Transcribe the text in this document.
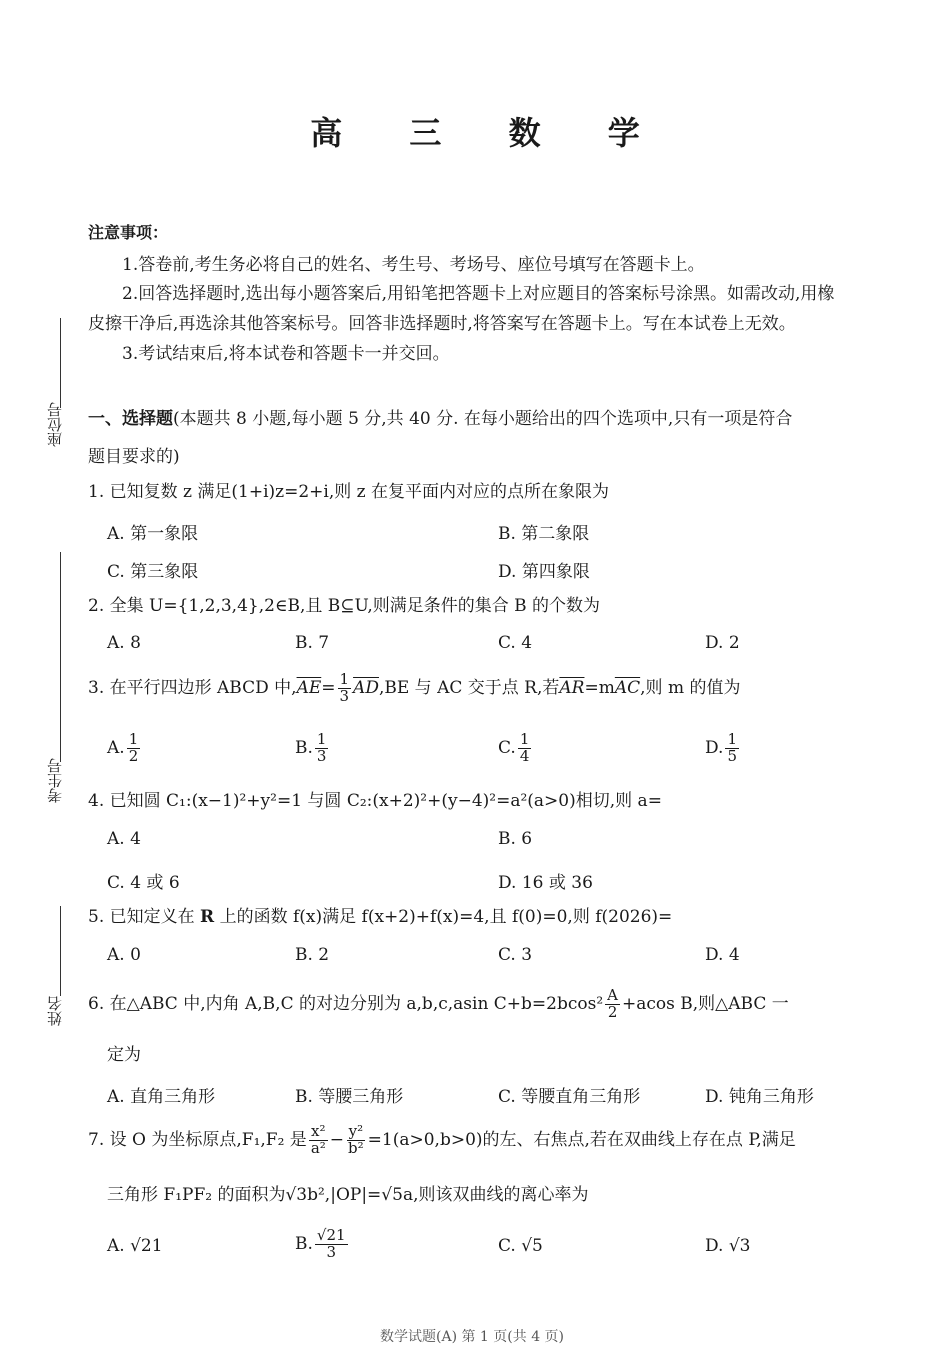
高 三 数 学
注意事项：
1.答卷前,考生务必将自己的姓名、考生号、考场号、座位号填写在答题卡上。
2.回答选择题时,选出每小题答案后,用铅笔把答题卡上对应题目的答案标号涂黑。如需改动,用橡
皮擦干净后,再选涂其他答案标号。回答非选择题时,将答案写在答题卡上。写在本试卷上无效。
3.考试结束后,将本试卷和答题卡一并交回。
座位号
考生号
姓名
一、选择题(本题共 8 小题,每小题 5 分,共 40 分. 在每小题给出的四个选项中,只有一项是符合
题目要求的)
1. 已知复数 z 满足(1+i)z=2+i,则 z 在复平面内对应的点所在象限为
A. 第一象限	B. 第二象限
C. 第三象限	D. 第四象限
2. 全集 U={1,2,3,4},2∈B,且 B⊆U,则满足条件的集合 B 的个数为
A. 8	B. 7	C. 4	D. 2
3. 在平行四边形 ABCD 中, $\overline{AE} = \frac{1}{3} \overline{AD}$ ,BE 与 AC 交于点 R,若 $\overline{AR} =m$ $\overline{AC}$ ,则 m 的值为
A. $\frac{1}{2}$	B. $\frac{1}{3}$	C. $\frac{1}{4}$	D. $\frac{1}{5}$
4. 已知圆 C₁:(x−1)²+y²=1 与圆 C₂:(x+2)²+(y−4)²=a²(a>0)相切,则 a=
A. 4	B. 6
C. 4 或 6	D. 16 或 36
5. 已知定义在 R 上的函数 f(x)满足 f(x+2)+f(x)=4,且 f(0)=0,则 f(2026)=
A. 0	B. 2	C. 3	D. 4
6. 在△ABC 中,内角 A,B,C 的对边分别为 a,b,c,asin $C+b=2bcos^2 \frac{A}{2} +acos$ B,则△ABC 一
定为
A. 直角三角形	B. 等腰三角形	C. 等腰直角三角形	D. 钝角三角形
7. 设 O 为坐标原点,F₁,F₂ 是 $\frac{\text{x²}}{\text{a²}} - \frac{\text{y²}}{\text{b²}} =1(a>0,b>0)$的左、右焦点,若在双曲线上存在点 P,满足
三角形 F₁PF₂ 的面积为√3b²,|OP|=√5a,则该双曲线的离心率为
A. √21	B. $\frac{√21}{3}$	C. √5	D. √3
数学试题(A) 第 1 页(共 4 页)
